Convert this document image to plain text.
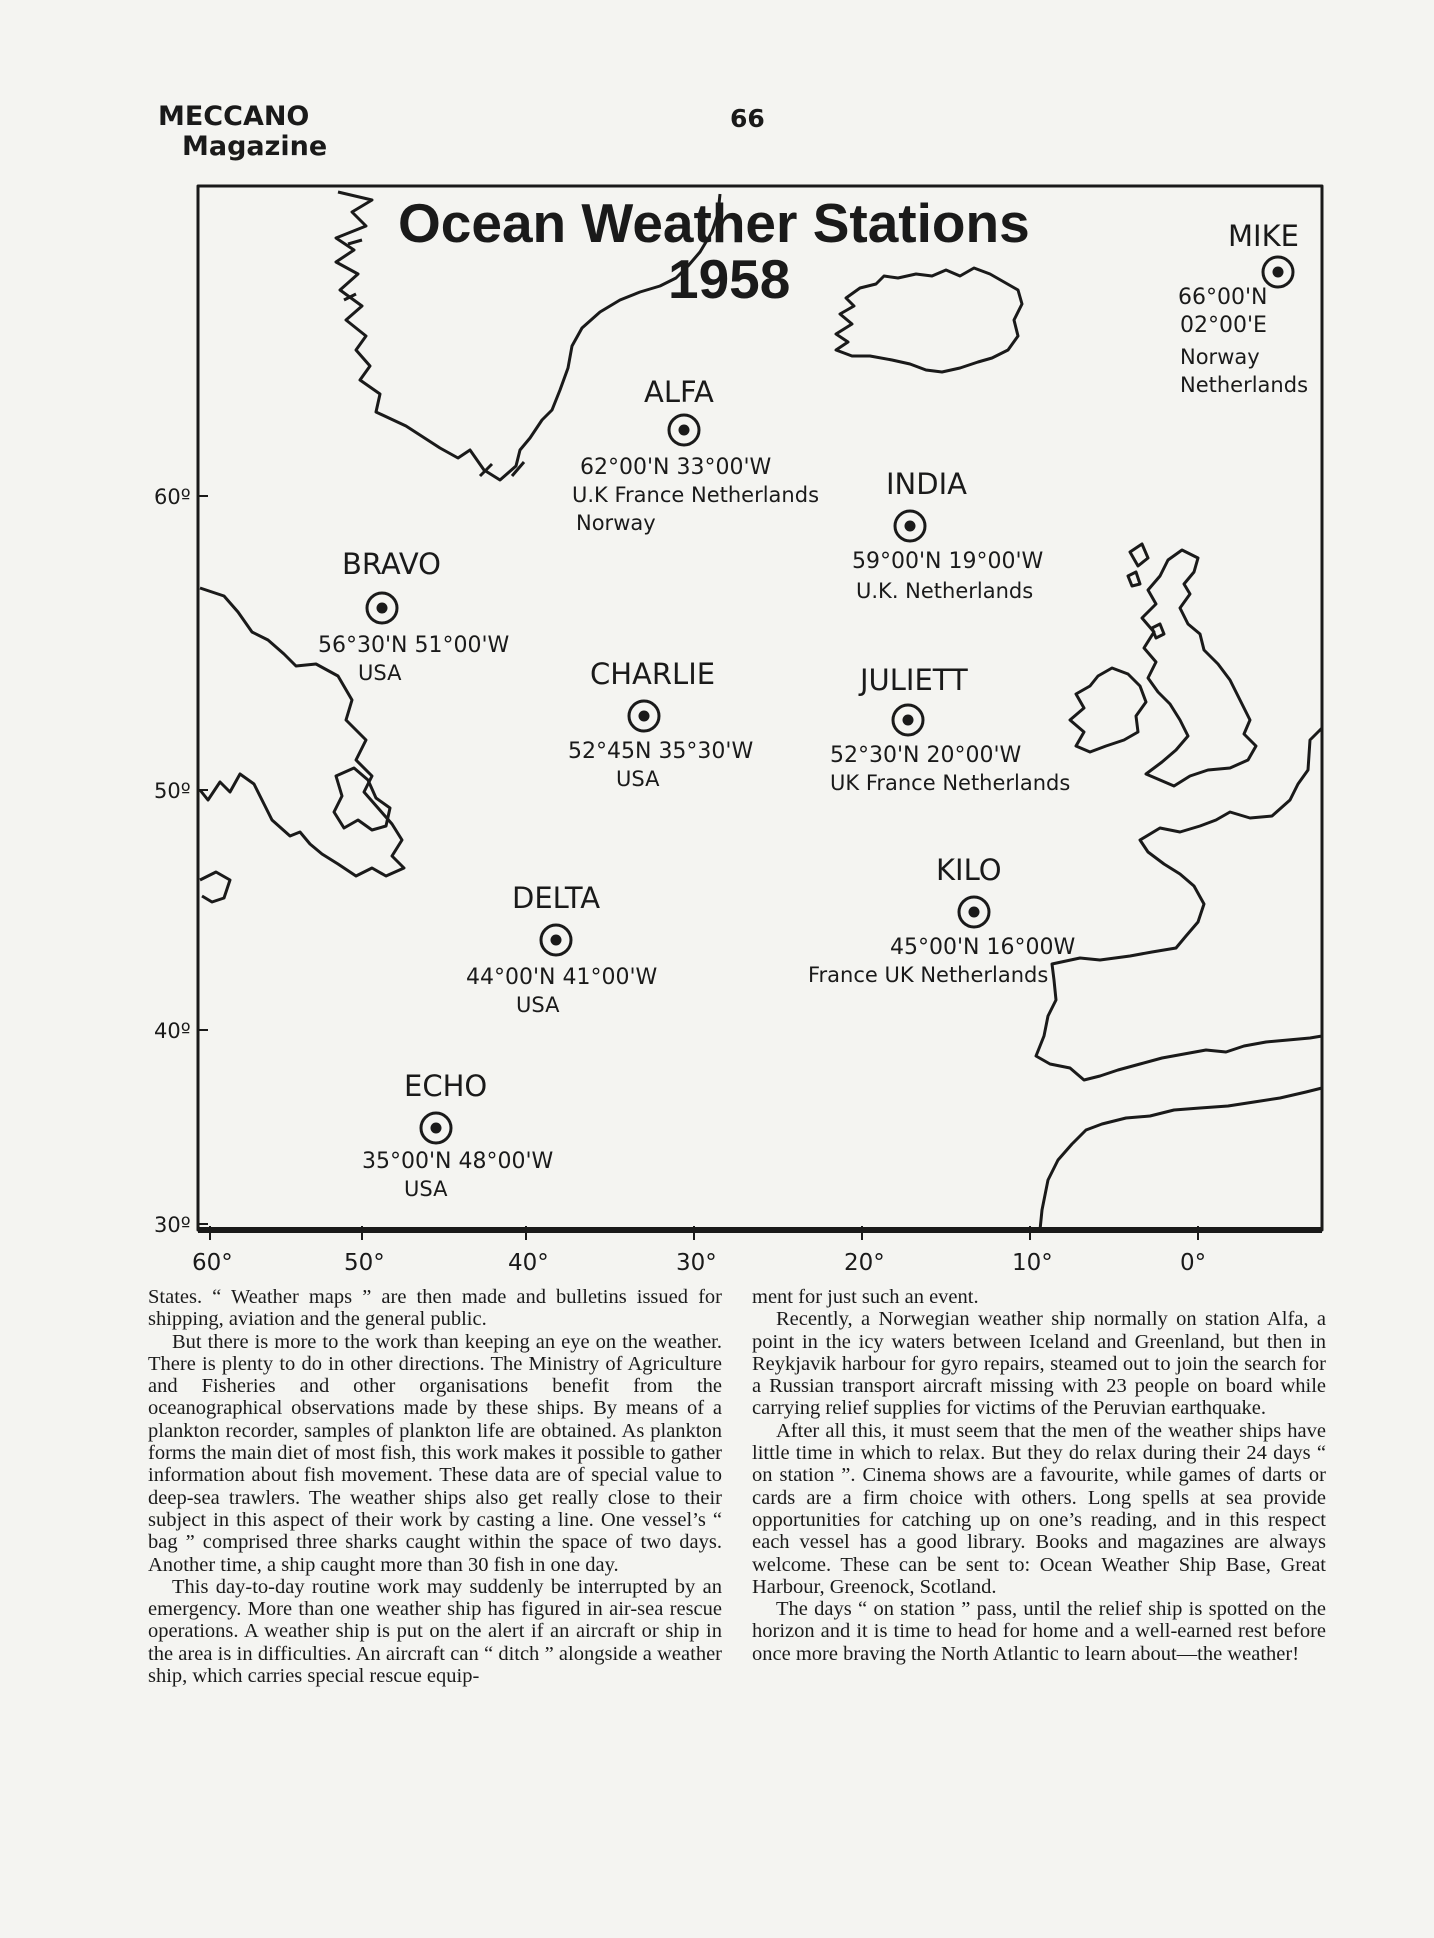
MECCANO
Magazine
66
Ocean Weather Stations
1958
60°	50°	40°	30°	20°	10°	0°
60º
50º
40º
30º
MIKE
66°00'N
02°00'E
Norway
Netherlands
ALFA
62°00'N 33°00'W
U.K France Netherlands
Norway
INDIA
59°00'N 19°00'W
U.K. Netherlands
BRAVO
56°30'N 51°00'W
USA	CHARLIE
52°45N 35°30'W
USA
JULIETT
52°30'N 20°00'W
UK France Netherlands
KILO
45°00'N 16°00W
France UK Netherlands
DELTA
44°00'N 41°00'W
USA
ECHO
35°00'N 48°00'W
USA

States. “ Weather maps ” are then made and bulletins issued for shipping, aviation and the general public.

But there is more to the work than keeping an eye on the weather. There is plenty to do in other directions. The Ministry of Agriculture and Fisheries and other organisations benefit from the oceanographical observations made by these ships. By means of a plankton recorder, samples of plankton life are obtained. As plankton forms the main diet of most fish, this work makes it possible to gather information about fish movement. These data are of special value to deep-sea trawlers. The weather ships also get really close to their subject in this aspect of their work by casting a line. One vessel’s “ bag ” comprised three sharks caught within the space of two days. Another time, a ship caught more than 30 fish in one day.

This day-to-day routine work may suddenly be interrupted by an emergency. More than one weather ship has figured in air-sea rescue operations. A weather ship is put on the alert if an aircraft or ship in the area is in difficulties. An aircraft can “ ditch ” alongside a weather ship, which carries special rescue equip-

ment for just such an event.

Recently, a Norwegian weather ship normally on station Alfa, a point in the icy waters between Iceland and Greenland, but then in Reykjavik harbour for gyro repairs, steamed out to join the search for a Russian transport aircraft missing with 23 people on board while carrying relief supplies for victims of the Peruvian earthquake.

After all this, it must seem that the men of the weather ships have little time in which to relax. But they do relax during their 24 days “ on station ”. Cinema shows are a favourite, while games of darts or cards are a firm choice with others. Long spells at sea provide opportunities for catching up on one’s reading, and in this respect each vessel has a good library. Books and magazines are always welcome. These can be sent to: Ocean Weather Ship Base, Great Harbour, Greenock, Scotland.

The days “ on station ” pass, until the relief ship is spotted on the horizon and it is time to head for home and a well-earned rest before once more braving the North Atlantic to learn about—the weather!
